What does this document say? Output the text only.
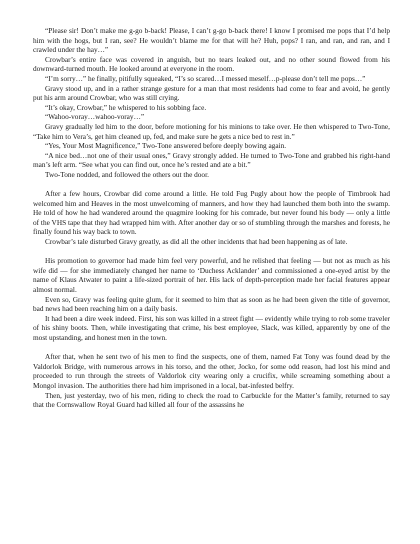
“Please sir! Don’t make me g-go b-back! Please, I can’t g-go b-back there! I know I promised me pops that I’d help him with the hogs, but I ran, see? He wouldn’t blame me for that will he? Huh, pops? I ran, and ran, and ran, and I crawled under the hay…”

Crowbar’s entire face was covered in anguish, but no tears leaked out, and no other sound flowed from his downward-turned mouth. He looked around at everyone in the room.

“I’m sorry…” he finally, pitifully squeaked, “I’s so scared…I messed meself…p-please don’t tell me pops…”

Gravy stood up, and in a rather strange gesture for a man that most residents had come to fear and avoid, he gently put his arm around Crowbar, who was still crying.

“It’s okay, Crowbar,” he whispered to his sobbing face.

“Wahoo-voray…wahoo-voray…”

Gravy gradually led him to the door, before motioning for his minions to take over. He then whispered to Two-Tone, “Take him to Vera’s, get him cleaned up, fed, and make sure he gets a nice bed to rest in.”

“Yes, Your Most Magnificence,” Two-Tone answered before deeply bowing again.

“A nice bed…not one of their usual ones,” Gravy strongly added. He turned to Two-Tone and grabbed his right-hand man’s left arm. “See what you can find out, once he’s rested and ate a bit.”

Two-Tone nodded, and followed the others out the door.

After a few hours, Crowbar did come around a little. He told Fug Pugly about how the people of Timbrook had welcomed him and Heaves in the most unwelcoming of manners, and how they had launched them both into the swamp. He told of how he had wandered around the quagmire looking for his comrade, but never found his body — only a little of the VHS tape that they had wrapped him with. After another day or so of stumbling through the marshes and forests, he finally found his way back to town.

Crowbar’s tale disturbed Gravy greatly, as did all the other incidents that had been happening as of late.

His promotion to governor had made him feel very powerful, and he relished that feeling — but not as much as his wife did — for she immediately changed her name to ‘Duchess Acklander’ and commissioned a one-eyed artist by the name of Klaus Atwater to paint a life-sized portrait of her. His lack of depth-perception made her facial features appear almost normal.

Even so, Gravy was feeling quite glum, for it seemed to him that as soon as he had been given the title of governor, bad news had been reaching him on a daily basis.

It had been a dire week indeed. First, his son was killed in a street fight — evidently while trying to rob some traveler of his shiny boots. Then, while investigating that crime, his best employee, Slack, was killed, apparently by one of the most upstanding, and honest men in the town.

After that, when he sent two of his men to find the suspects, one of them, named Fat Tony was found dead by the Valdorlok Bridge, with numerous arrows in his torso, and the other, Jocko, for some odd reason, had lost his mind and proceeded to run through the streets of Valdorlok city wearing only a crucifix, while screaming something about a Mongol invasion. The authorities there had him imprisoned in a local, bat-infested belfry.

Then, just yesterday, two of his men, riding to check the road to Carbuckle for the Matter’s family, returned to say that the Cornswallow Royal Guard had killed all four of the assassins he
